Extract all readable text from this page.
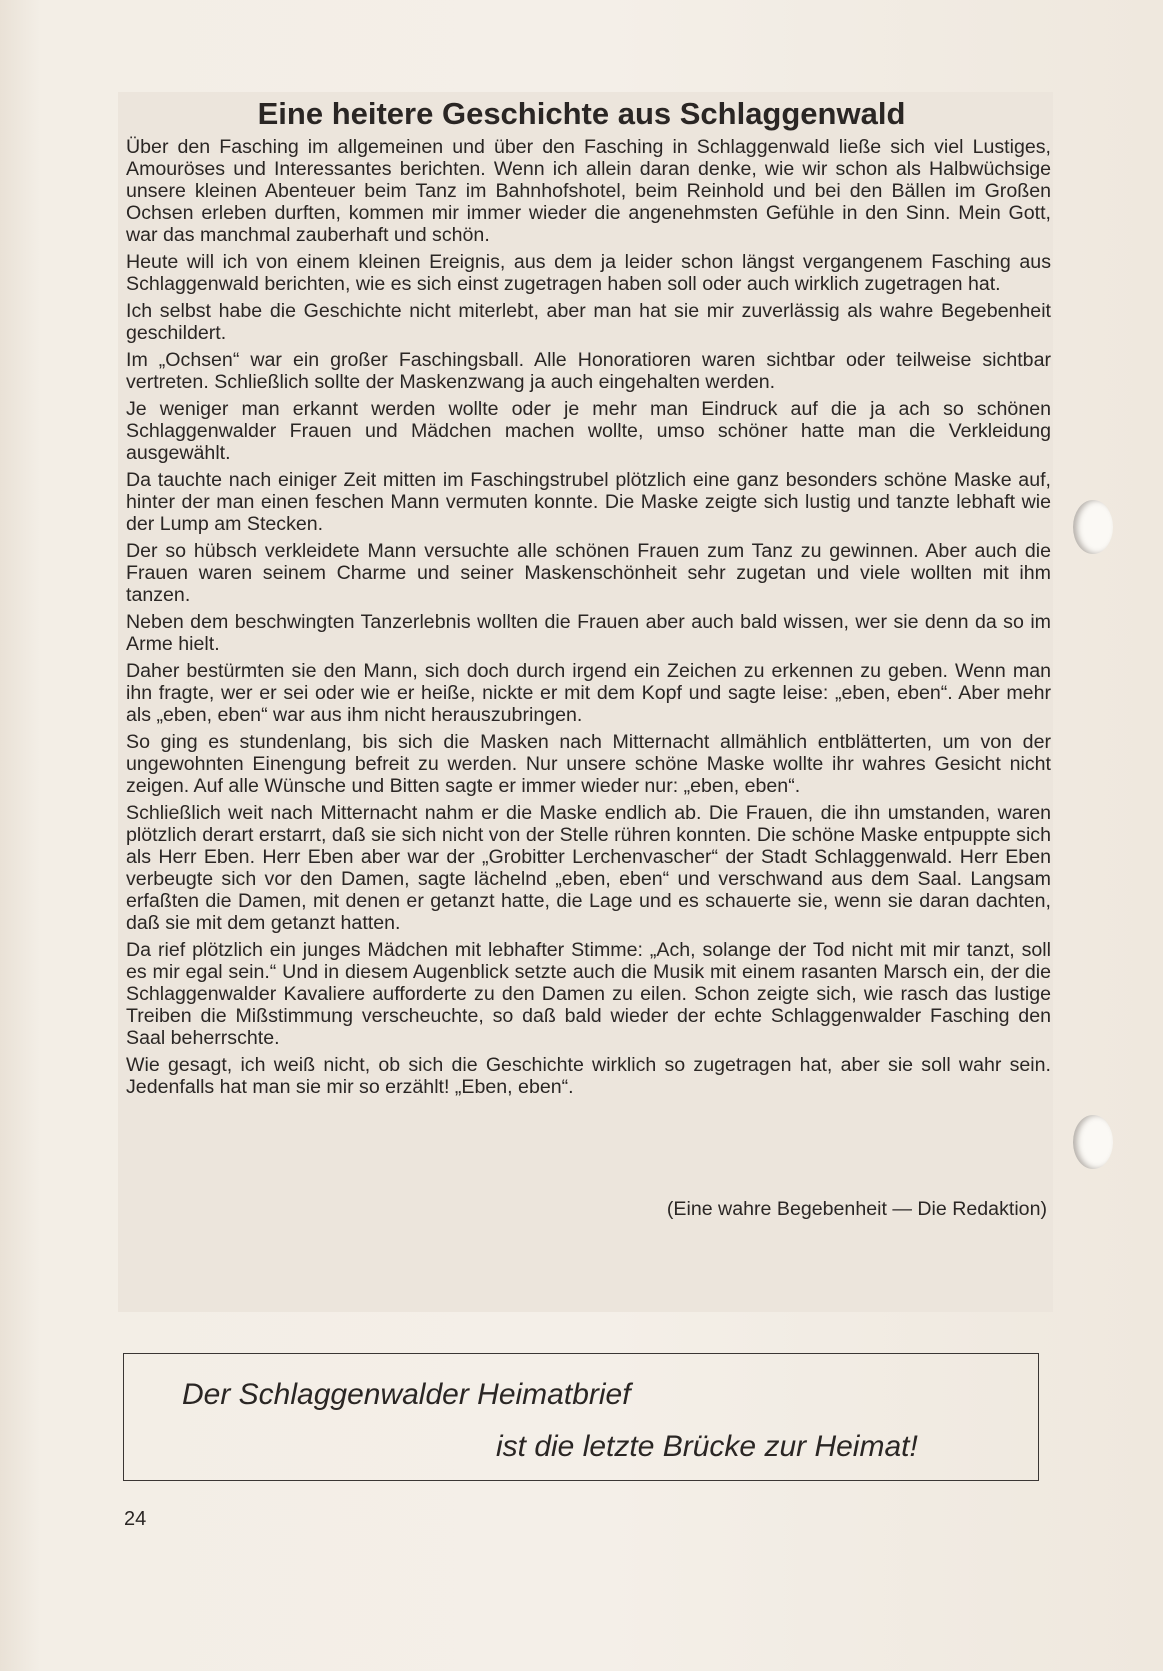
Eine heitere Geschichte aus Schlaggenwald

Über den Fasching im allgemeinen und über den Fasching in Schlaggenwald ließe sich viel Lustiges, Amouröses und Interessantes berichten. Wenn ich allein daran denke, wie wir schon als Halbwüchsige unsere kleinen Abenteuer beim Tanz im Bahnhofshotel, beim Reinhold und bei den Bällen im Großen Ochsen erleben durften, kommen mir immer wieder die angenehmsten Gefühle in den Sinn. Mein Gott, war das manchmal zauberhaft und schön.

Heute will ich von einem kleinen Ereignis, aus dem ja leider schon längst vergangenem Fasching aus Schlaggenwald berichten, wie es sich einst zugetragen haben soll oder auch wirklich zugetragen hat.

Ich selbst habe die Geschichte nicht miterlebt, aber man hat sie mir zuverlässig als wahre Begebenheit geschildert.

Im „Ochsen“ war ein großer Faschingsball. Alle Honoratioren waren sichtbar oder teilweise sichtbar vertreten. Schließlich sollte der Maskenzwang ja auch eingehalten werden.

Je weniger man erkannt werden wollte oder je mehr man Eindruck auf die ja ach so schönen Schlaggenwalder Frauen und Mädchen machen wollte, umso schöner hatte man die Verkleidung ausgewählt.

Da tauchte nach einiger Zeit mitten im Faschingstrubel plötzlich eine ganz besonders schöne Maske auf, hinter der man einen feschen Mann vermuten konnte. Die Maske zeigte sich lustig und tanzte lebhaft wie der Lump am Stecken.

Der so hübsch verkleidete Mann versuchte alle schönen Frauen zum Tanz zu gewinnen. Aber auch die Frauen waren seinem Charme und seiner Maskenschönheit sehr zugetan und viele wollten mit ihm tanzen.

Neben dem beschwingten Tanzerlebnis wollten die Frauen aber auch bald wissen, wer sie denn da so im Arme hielt.

Daher bestürmten sie den Mann, sich doch durch irgend ein Zeichen zu erkennen zu geben. Wenn man ihn fragte, wer er sei oder wie er heiße, nickte er mit dem Kopf und sagte leise: „eben, eben“. Aber mehr als „eben, eben“ war aus ihm nicht herauszubringen.

So ging es stundenlang, bis sich die Masken nach Mitternacht allmählich entblätterten, um von der ungewohnten Einengung befreit zu werden. Nur unsere schöne Maske wollte ihr wahres Gesicht nicht zeigen. Auf alle Wünsche und Bitten sagte er immer wieder nur: „eben, eben“.

Schließlich weit nach Mitternacht nahm er die Maske endlich ab. Die Frauen, die ihn umstanden, waren plötzlich derart erstarrt, daß sie sich nicht von der Stelle rühren konnten. Die schöne Maske entpuppte sich als Herr Eben. Herr Eben aber war der „Grobitter Lerchenvascher“ der Stadt Schlaggenwald. Herr Eben verbeugte sich vor den Damen, sagte lächelnd „eben, eben“ und verschwand aus dem Saal. Langsam erfaßten die Damen, mit denen er getanzt hatte, die Lage und es schauerte sie, wenn sie daran dachten, daß sie mit dem getanzt hatten.

Da rief plötzlich ein junges Mädchen mit lebhafter Stimme: „Ach, solange der Tod nicht mit mir tanzt, soll es mir egal sein.“ Und in diesem Augenblick setzte auch die Musik mit einem rasanten Marsch ein, der die Schlaggenwalder Kavaliere aufforderte zu den Damen zu eilen. Schon zeigte sich, wie rasch das lustige Treiben die Mißstimmung verscheuchte, so daß bald wieder der echte Schlaggenwalder Fasching den Saal beherrschte.

Wie gesagt, ich weiß nicht, ob sich die Geschichte wirklich so zugetragen hat, aber sie soll wahr sein. Jedenfalls hat man sie mir so erzählt! „Eben, eben“.

(Eine wahre Begebenheit — Die Redaktion)
Der Schlaggenwalder Heimatbrief
ist die letzte Brücke zur Heimat!
24
